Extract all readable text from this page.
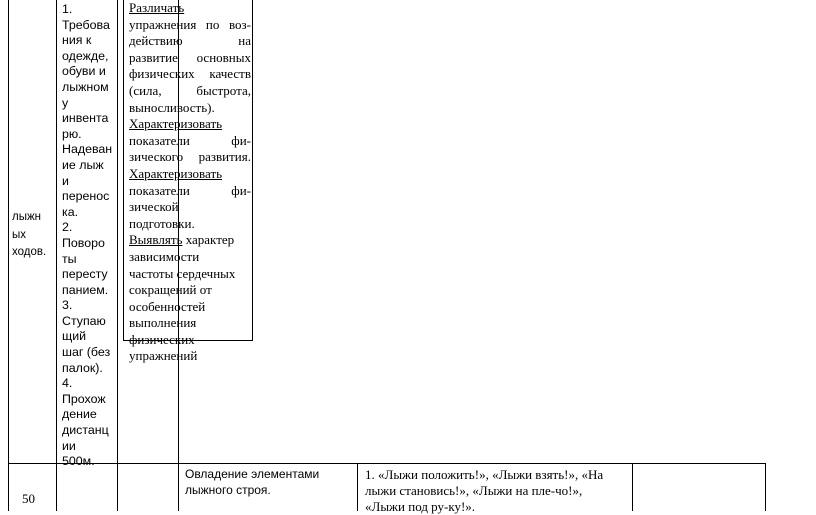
лыжн
ых
ходов.
1.
Требова
ния к
одежде,
обуви и
лыжном
у
инвента
рю.
Надеван
ие лыж
и
перенос
ка.
2.
Поворо
ты
пересту
панием.
3.
Ступаю
щий
шаг (без
палок).
4.
Прохож
дение
дистанц
ии
500м.
Различать
упражнения по воз-
действию на
развитие основных
физических качеств
(сила, быстрота,
выносливость).
Характеризовать
показатели фи-
зического развития.
Характеризовать
показатели фи-
зической
подготовки.
Выявлять характер
зависимости
частоты сердечных
сокращений от
особенностей
выполнения
физических
упражнений
50
Овладение элементами лыжного строя.
1. «Лыжи положить!», «Лыжи взять!», «На
лыжи становись!», «Лыжи на пле-чо!»,
«Лыжи под ру-ку!».
